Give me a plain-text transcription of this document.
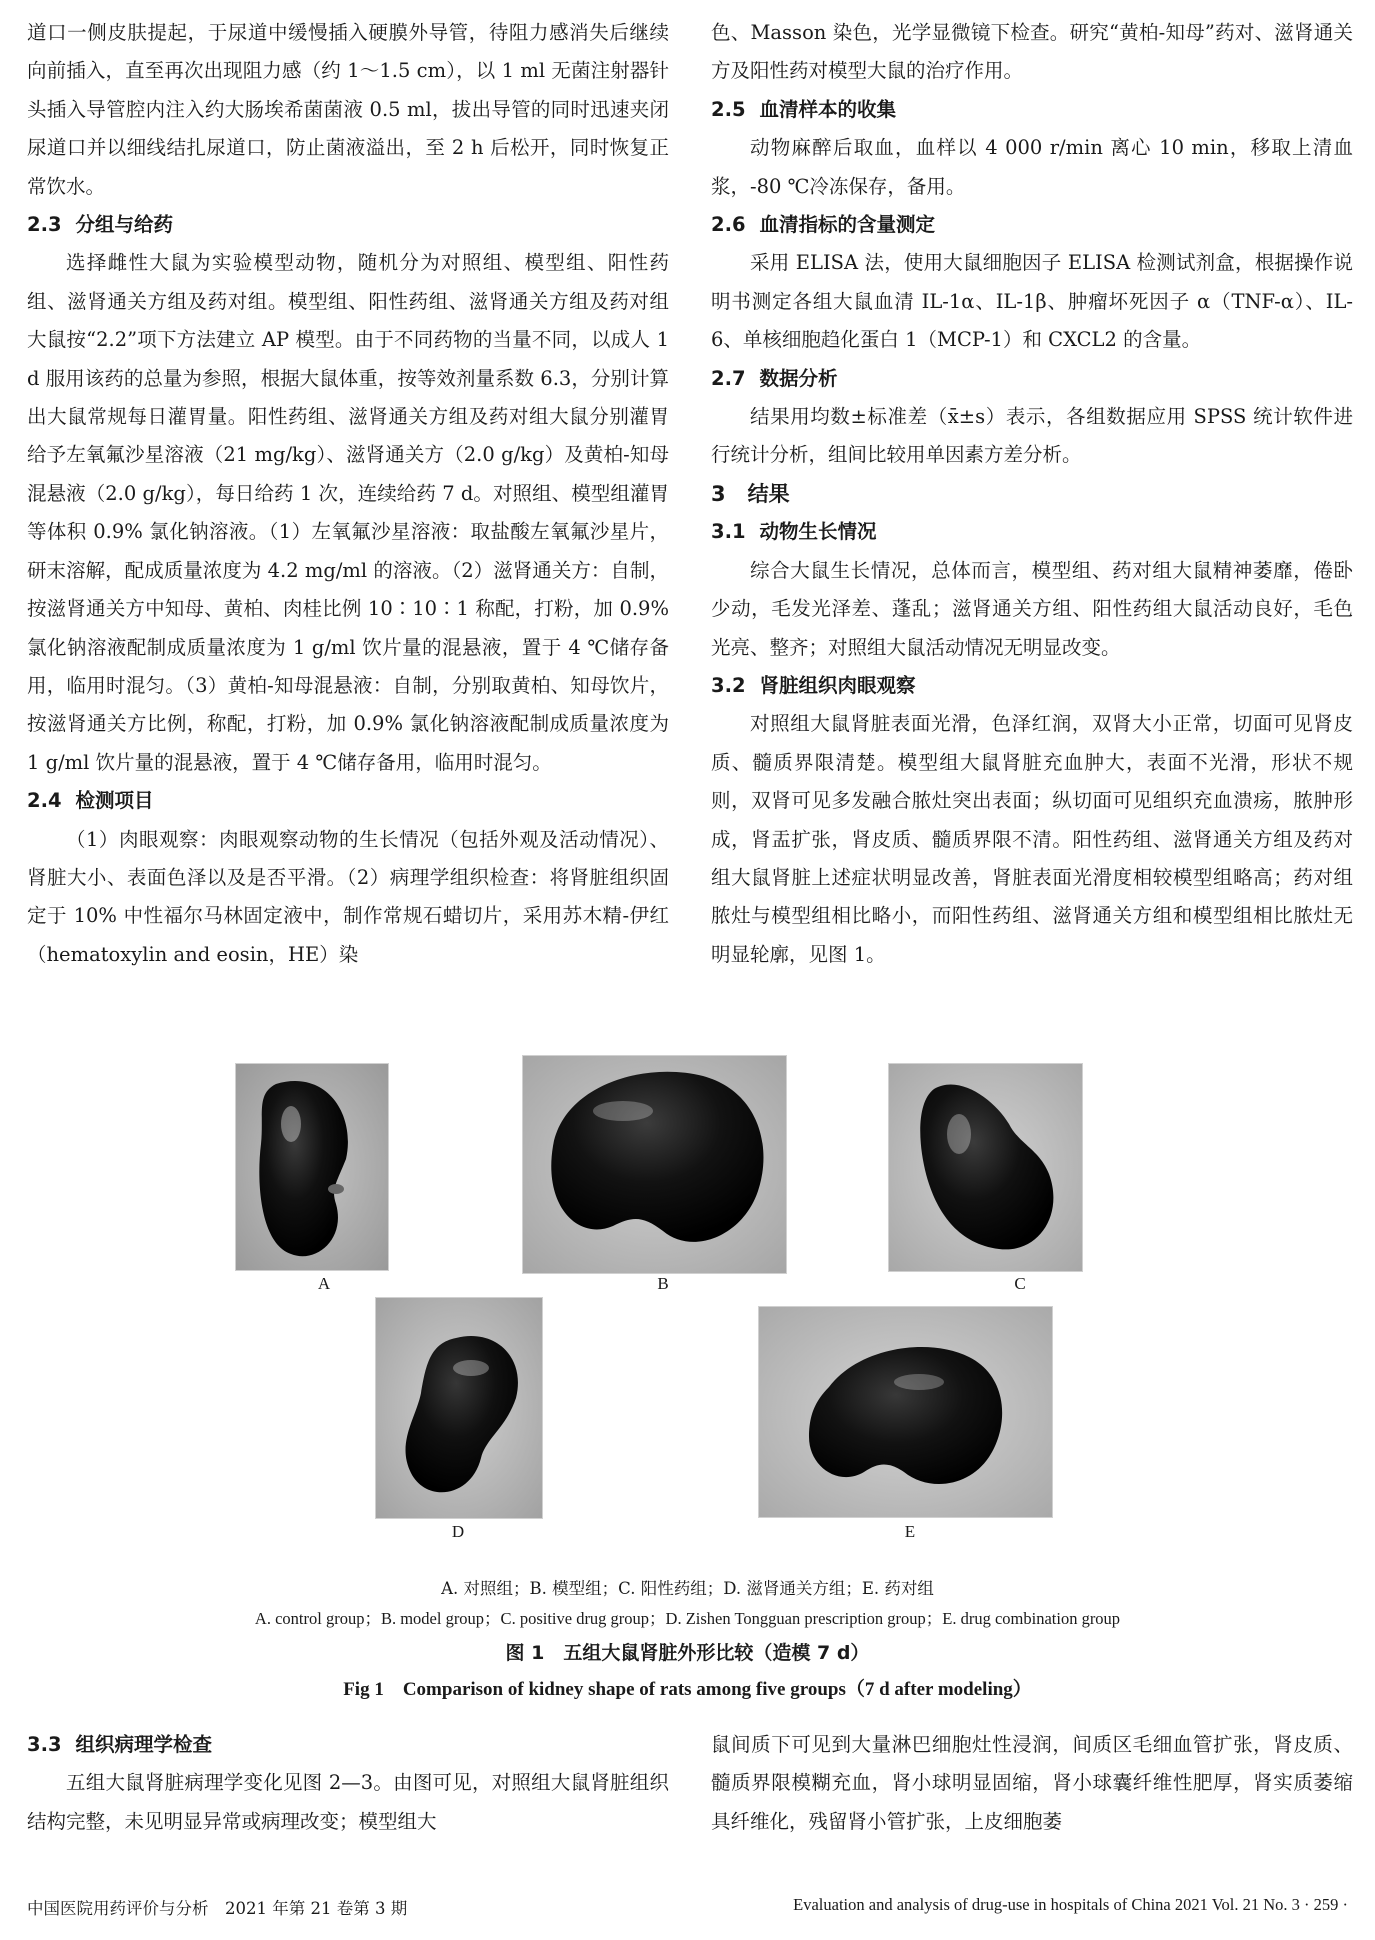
道口一侧皮肤提起，于尿道中缓慢插入硬膜外导管，待阻力感消失后继续向前插入，直至再次出现阻力感（约 1～1.5 cm），以 1 ml 无菌注射器针头插入导管腔内注入约大肠埃希菌菌液 0.5 ml，拔出导管的同时迅速夹闭尿道口并以细线结扎尿道口，防止菌液溢出，至 2 h 后松开，同时恢复正常饮水。

2.3 分组与给药

选择雌性大鼠为实验模型动物，随机分为对照组、模型组、阳性药组、滋肾通关方组及药对组。模型组、阳性药组、滋肾通关方组及药对组大鼠按“2.2”项下方法建立 AP 模型。由于不同药物的当量不同，以成人 1 d 服用该药的总量为参照，根据大鼠体重，按等效剂量系数 6.3，分别计算出大鼠常规每日灌胃量。阳性药组、滋肾通关方组及药对组大鼠分别灌胃给予左氧氟沙星溶液（21 mg/kg）、滋肾通关方（2.0 g/kg）及黄柏-知母混悬液（2.0 g/kg），每日给药 1 次，连续给药 7 d。对照组、模型组灌胃等体积 0.9% 氯化钠溶液。（1）左氧氟沙星溶液：取盐酸左氧氟沙星片，研末溶解，配成质量浓度为 4.2 mg/ml 的溶液。（2）滋肾通关方：自制，按滋肾通关方中知母、黄柏、肉桂比例 10∶10∶1 称配，打粉，加 0.9% 氯化钠溶液配制成质量浓度为 1 g/ml 饮片量的混悬液，置于 4 ℃储存备用，临用时混匀。（3）黄柏-知母混悬液：自制，分别取黄柏、知母饮片，按滋肾通关方比例，称配，打粉，加 0.9% 氯化钠溶液配制成质量浓度为 1 g/ml 饮片量的混悬液，置于 4 ℃储存备用，临用时混匀。

2.4 检测项目

（1）肉眼观察：肉眼观察动物的生长情况（包括外观及活动情况）、肾脏大小、表面色泽以及是否平滑。（2）病理学组织检查：将肾脏组织固定于 10% 中性福尔马林固定液中，制作常规石蜡切片，采用苏木精-伊红（hematoxylin and eosin，HE）染

色、Masson 染色，光学显微镜下检查。研究“黄柏-知母”药对、滋肾通关方及阳性药对模型大鼠的治疗作用。

2.5 血清样本的收集

动物麻醉后取血，血样以 4 000 r/min 离心 10 min，移取上清血浆，-80 ℃冷冻保存，备用。

2.6 血清指标的含量测定

采用 ELISA 法，使用大鼠细胞因子 ELISA 检测试剂盒，根据操作说明书测定各组大鼠血清 IL-1α、IL-1β、肿瘤坏死因子 α（TNF-α）、IL-6、单核细胞趋化蛋白 1（MCP-1）和 CXCL2 的含量。

2.7 数据分析

结果用均数±标准差（x̄±s）表示，各组数据应用 SPSS 统计软件进行统计分析，组间比较用单因素方差分析。

3 结果

3.1 动物生长情况

综合大鼠生长情况，总体而言，模型组、药对组大鼠精神萎靡，倦卧少动，毛发光泽差、蓬乱；滋肾通关方组、阳性药组大鼠活动良好，毛色光亮、整齐；对照组大鼠活动情况无明显改变。

3.2 肾脏组织肉眼观察

对照组大鼠肾脏表面光滑，色泽红润，双肾大小正常，切面可见肾皮质、髓质界限清楚。模型组大鼠肾脏充血肿大，表面不光滑，形状不规则，双肾可见多发融合脓灶突出表面；纵切面可见组织充血溃疡，脓肿形成，肾盂扩张，肾皮质、髓质界限不清。阳性药组、滋肾通关方组及药对组大鼠肾脏上述症状明显改善，肾脏表面光滑度相较模型组略高；药对组脓灶与模型组相比略小，而阳性药组、滋肾通关方组和模型组相比脓灶无明显轮廓，见图 1。

A	B	C
D	E
A. 对照组；B. 模型组；C. 阳性药组；D. 滋肾通关方组；E. 药对组
A. control group；B. model group；C. positive drug group；D. Zishen Tongguan prescription group；E. drug combination group
图 1　五组大鼠肾脏外形比较（造模 7 d）
Fig 1　Comparison of kidney shape of rats among five groups（7 d after modeling）

3.3 组织病理学检查

五组大鼠肾脏病理学变化见图 2—3。由图可见，对照组大鼠肾脏组织结构完整，未见明显异常或病理改变；模型组大

鼠间质下可见到大量淋巴细胞灶性浸润，间质区毛细血管扩张，肾皮质、髓质界限模糊充血，肾小球明显固缩，肾小球囊纤维性肥厚，肾实质萎缩具纤维化，残留肾小管扩张，上皮细胞萎

中国医院用药评价与分析　2021 年第 21 卷第 3 期	Evaluation and analysis of drug-use in hospitals of China 2021 Vol. 21 No. 3 · 259 ·
